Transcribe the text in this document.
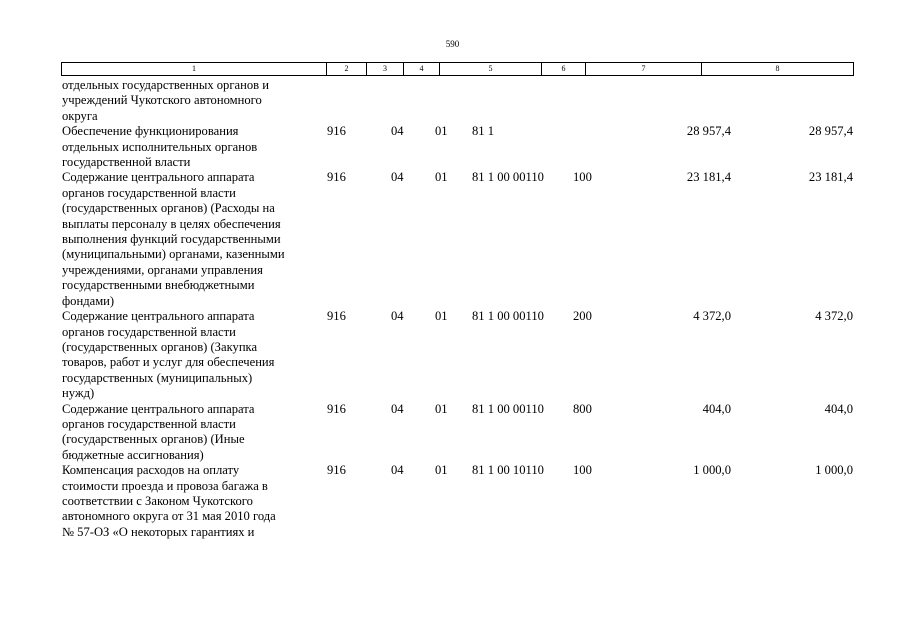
590
1	2	3	4	5	6	7	8
отдельных государственных органов и
учреждений Чукотского автономного
округа
Обеспечение функционирования
отдельных исполнительных органов
государственной власти
916	04 01 81 1	28 957,4	28 957,4
Содержание центрального аппарата
органов государственной власти
(государственных органов) (Расходы на
выплаты персоналу в целях обеспечения
выполнения функций государственными
(муниципальными) органами, казенными
учреждениями, органами управления
государственными внебюджетными
фондами)
916	04 01 81 1 00 00110 100	23 181,4	23 181,4
Содержание центрального аппарата
органов государственной власти
(государственных органов) (Закупка
товаров, работ и услуг для обеспечения
государственных (муниципальных)
нужд)
916	04 01 81 1 00 00110 200	4 372,0	4 372,0
Содержание центрального аппарата
органов государственной власти
(государственных органов) (Иные
бюджетные ассигнования)
916	04 01 81 1 00 00110 800	404,0	404,0
Компенсация расходов на оплату
стоимости проезда и провоза багажа в
соответствии с Законом Чукотского
автономного округа от 31 мая 2010 года
№ 57-ОЗ «О некоторых гарантиях и
916	04 01 81 1 00 10110 100	1 000,0	1 000,0
